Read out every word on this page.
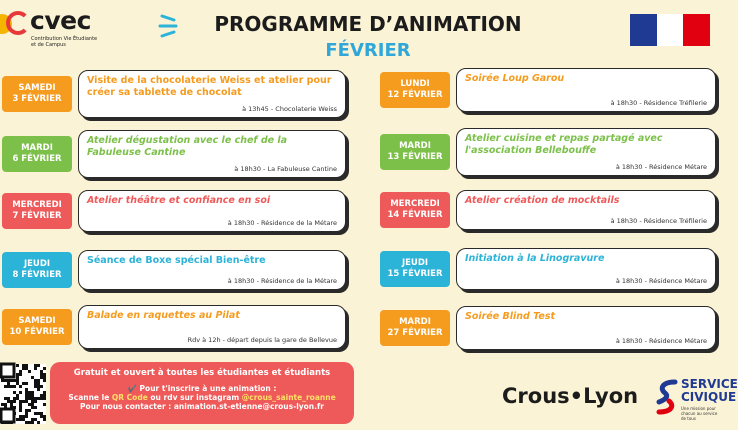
cvec
Contribution Vie Étudiante et de Campus
PROGRAMME D’ANIMATION
FÉVRIER
SAMEDI
3 FÉVRIER
Visite de la chocolaterie Weiss et atelier pour créer sa tablette de chocolat
à 13h45 - Chocolaterie Weiss
MARDI
6 FÉVRIER
Atelier dégustation avec le chef de la Fabuleuse Cantine
à 18h30 - La Fabuleuse Cantine
MERCREDI
7 FÉVRIER
Atelier théâtre et confiance en soi
à 18h30 - Résidence de la Métare
JEUDI
8 FÉVRIER
Séance de Boxe spécial Bien-être
à 18h30 - Résidence de la Métare
SAMEDI
10 FÉVRIER
Balade en raquettes au Pilat
Rdv à 12h - départ depuis la gare de Bellevue
LUNDI
12 FÉVRIER
Soirée Loup Garou
à 18h30 - Résidence Tréfilerie
MARDI
13 FÉVRIER
Atelier cuisine et repas partagé avec l'association Bellebouffe
à 18h30 - Résidence Métare
MERCREDI
14 FÉVRIER
Atelier création de mocktails
à 18h30 - Résidence Tréfilerie
JEUDI
15 FÉVRIER
Initiation à la Linogravure
à 18h30 - Résidence Métare
MARDI
27 FÉVRIER
Soirée Blind Test
à 18h30 - Résidence Métare
Gratuit et ouvert à toutes les étudiantes et étudiants
✔️ Pour t'inscrire à une animation :
Scanne le QR Code ou rdv sur instagram @crous_sainte_roanne
Pour nous contacter : animation.st-etienne@crous-lyon.fr	Crous•Lyon	SERVICE
CIVIQUE
Une mission pour chacun au service de tous
